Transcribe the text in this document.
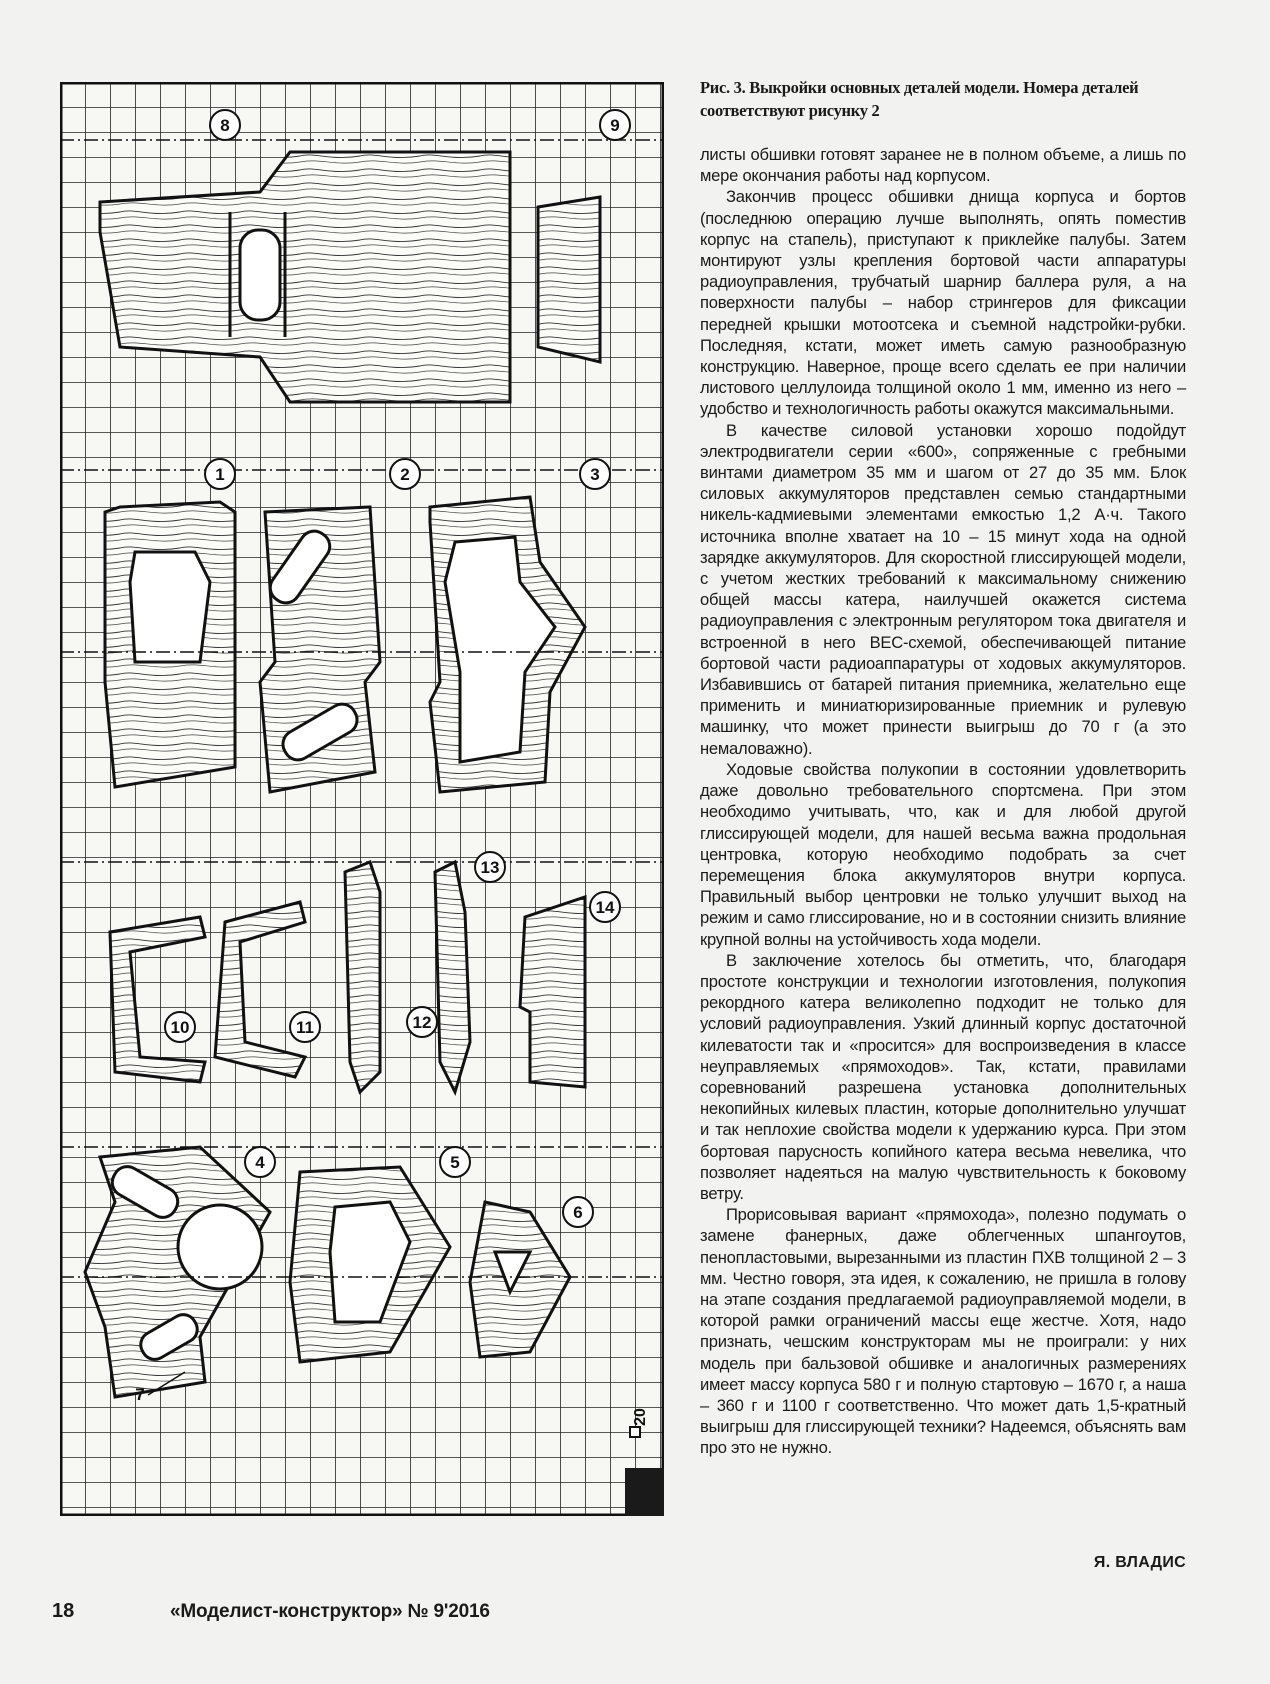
8	9
1	2	3
13
14
10	11	12
4	5
6
7
20
Рис. 3. Выкройки основных деталей модели. Номера деталей соответствуют рисунку 2

листы обшивки готовят заранее не в полном объеме, а лишь по мере окончания работы над корпусом.

Закончив процесс обшивки днища корпуса и бортов (последнюю операцию лучше выполнять, опять поместив корпус на стапель), приступают к приклейке палубы. Затем монтируют узлы крепления бортовой части аппаратуры радиоуправления, трубчатый шарнир баллера руля, а на поверхности палубы – набор стрингеров для фиксации передней крышки мотоотсека и съемной надстройки-рубки. Последняя, кстати, может иметь самую разнообразную конструкцию. Наверное, проще всего сделать ее при наличии листового целлулоида толщиной около 1 мм, именно из него – удобство и технологичность работы окажутся максимальными.

В качестве силовой установки хорошо подойдут электродвигатели серии «600», сопряженные с гребными винтами диаметром 35 мм и шагом от 27 до 35 мм. Блок силовых аккумуляторов представлен семью стандартными никель-кадмиевыми элементами емкостью 1,2 А·ч. Такого источника вполне хватает на 10 – 15 минут хода на одной зарядке аккумуляторов. Для скоростной глиссирующей модели, с учетом жестких требований к максимальному снижению общей массы катера, наилучшей окажется система радиоуправления с электронным регулятором тока двигателя и встроенной в него ВЕС-схемой, обеспечивающей питание бортовой части радиоаппаратуры от ходовых аккумуляторов. Избавившись от батарей питания приемника, желательно еще применить и миниатюризированные приемник и рулевую машинку, что может принести выигрыш до 70 г (а это немаловажно).

Ходовые свойства полукопии в состоянии удовлетворить даже довольно требовательного спортсмена. При этом необходимо учитывать, что, как и для любой другой глиссирующей модели, для нашей весьма важна продольная центровка, которую необходимо подобрать за счет перемещения блока аккумуляторов внутри корпуса. Правильный выбор центровки не только улучшит выход на режим и само глиссирование, но и в состоянии снизить влияние крупной волны на устойчивость хода модели.

В заключение хотелось бы отметить, что, благодаря простоте конструкции и технологии изготовления, полукопия рекордного катера великолепно подходит не только для условий радиоуправления. Узкий длинный корпус достаточной килеватости так и «просится» для воспроизведения в классе неуправляемых «прямоходов». Так, кстати, правилами соревнований разрешена установка дополнительных некопийных килевых пластин, которые дополнительно улучшат и так неплохие свойства модели к удержанию курса. При этом бортовая парусность копийного катера весьма невелика, что позволяет надеяться на малую чувствительность к боковому ветру.

Прорисовывая вариант «прямохода», полезно подумать о замене фанерных, даже облегченных шпангоутов, пенопластовыми, вырезанными из пластин ПХВ толщиной 2 – 3 мм. Честно говоря, эта идея, к сожалению, не пришла в голову на этапе создания предлагаемой радиоуправляемой модели, в которой рамки ограничений массы еще жестче. Хотя, надо признать, чешским конструкторам мы не проиграли: у них модель при бальзовой обшивке и аналогичных размерениях имеет массу корпуса 580 г и полную стартовую – 1670 г, а наша – 360 г и 1100 г соответственно. Что может дать 1,5-кратный выигрыш для глиссирующей техники? Надеемся, объяснять вам про это не нужно.

Я. ВЛАДИС
18	«Моделист-конструктор» № 9'2016
